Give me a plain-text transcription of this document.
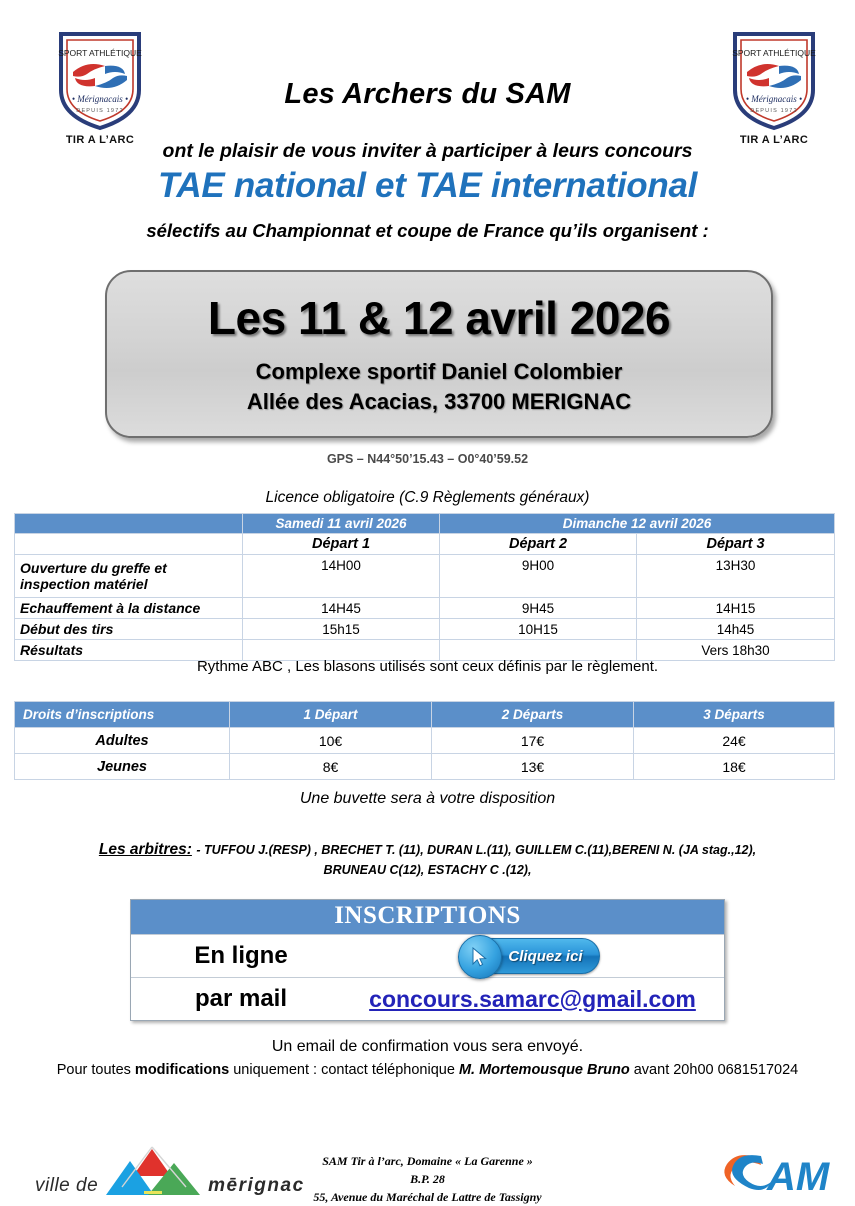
SPORT ATHLÉTIQUE
• Mérignacais •
DEPUIS 1972
TIR A L’ARC
SPORT ATHLÉTIQUE
• Mérignacais •
DEPUIS 1972
TIR A L’ARC
Les Archers du SAM
ont le plaisir de vous inviter à participer à leurs concours
TAE national et TAE international
sélectifs au Championnat et coupe de France qu’ils organisent :
Les 11 & 12 avril 2026
Complexe sportif Daniel Colombier
Allée des Acacias, 33700 MERIGNAC
GPS – N44°50’15.43 – O0°40’59.52
Licence obligatoire (C.9 Règlements généraux)
	Samedi 11 avril 2026	Dimanche 12 avril 2026	
	Départ 1	Départ 2	Départ 3
Ouverture du greffe et inspection matériel	14H00	9H00	13H30
Echauffement à la distance	14H45	9H45	14H15
Début des tirs	15h15	10H15	14h45
Résultats			Vers 18h30
Rythme ABC , Les blasons utilisés sont ceux définis par le règlement.
Droits d’inscriptions	1 Départ	2 Départs	3 Départs
Adultes	10€	17€	24€
Jeunes	8€	13€	18€
Une buvette sera à votre disposition
Les arbitres: - TUFFOU J.(RESP) , BRECHET T. (11), DURAN L.(11), GUILLEM C.(11),BERENI N. (JA stag.,12),
BRUNEAU C(12), ESTACHY C .(12),
INSCRIPTIONS
En ligne	Cliquez ici
par mail	concours.samarc@gmail.com
Un email de confirmation vous sera envoyé.
Pour toutes modifications uniquement : contact téléphonique M. Mortemousque Bruno avant 20h00 0681517024
ville de	mērignac
SAM Tir à l’arc, Domaine « La Garenne »
B.P. 28
55, Avenue du Maréchal de Lattre de Tassigny	AM
